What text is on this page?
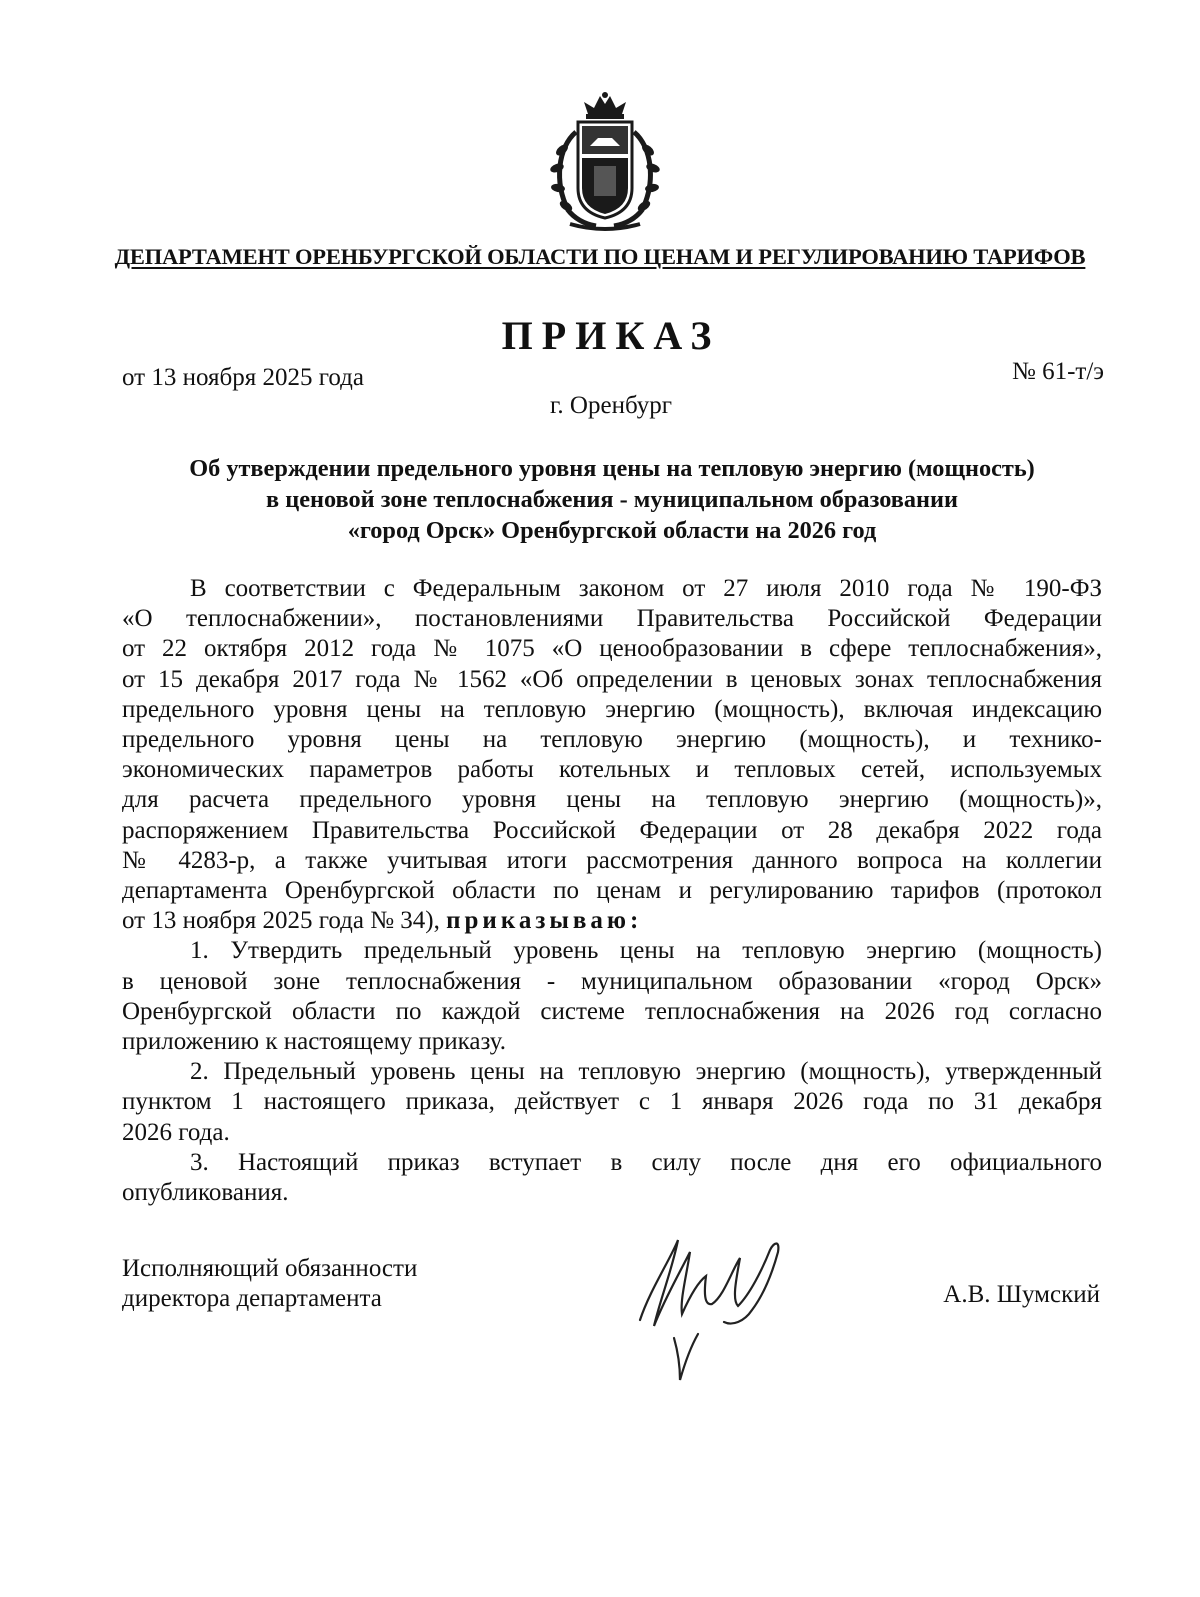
ДЕПАРТАМЕНТ ОРЕНБУРГСКОЙ ОБЛАСТИ ПО ЦЕНАМ И РЕГУЛИРОВАНИЮ ТАРИФОВ
ПРИКАЗ
от 13 ноября 2025 года	№ 61-т/э
г. Оренбург
Об утверждении предельного уровня цены на тепловую энергию (мощность)
в ценовой зоне теплоснабжения - муниципальном образовании
«город Орск» Оренбургской области на 2026 год
В соответствии с Федеральным законом от 27 июля 2010 года № 190-ФЗ
«О теплоснабжении», постановлениями Правительства Российской Федерации
от 22 октября 2012 года № 1075 «О ценообразовании в сфере теплоснабжения»,
от 15 декабря 2017 года № 1562 «Об определении в ценовых зонах теплоснабжения
предельного уровня цены на тепловую энергию (мощность), включая индексацию
предельного уровня цены на тепловую энергию (мощность), и технико-
экономических параметров работы котельных и тепловых сетей, используемых
для расчета предельного уровня цены на тепловую энергию (мощность)»,
распоряжением Правительства Российской Федерации от 28 декабря 2022 года
№ 4283-р, а также учитывая итоги рассмотрения данного вопроса на коллегии
департамента Оренбургской области по ценам и регулированию тарифов (протокол
от 13 ноября 2025 года № 34), приказываю:
1. Утвердить предельный уровень цены на тепловую энергию (мощность)
в ценовой зоне теплоснабжения - муниципальном образовании «город Орск»
Оренбургской области по каждой системе теплоснабжения на 2026 год согласно
приложению к настоящему приказу.
2. Предельный уровень цены на тепловую энергию (мощность), утвержденный
пунктом 1 настоящего приказа, действует с 1 января 2026 года по 31 декабря
2026 года.
3. Настоящий приказ вступает в силу после дня его официального
опубликования.
Исполняющий обязанности
директора департамента	А.В. Шумский
